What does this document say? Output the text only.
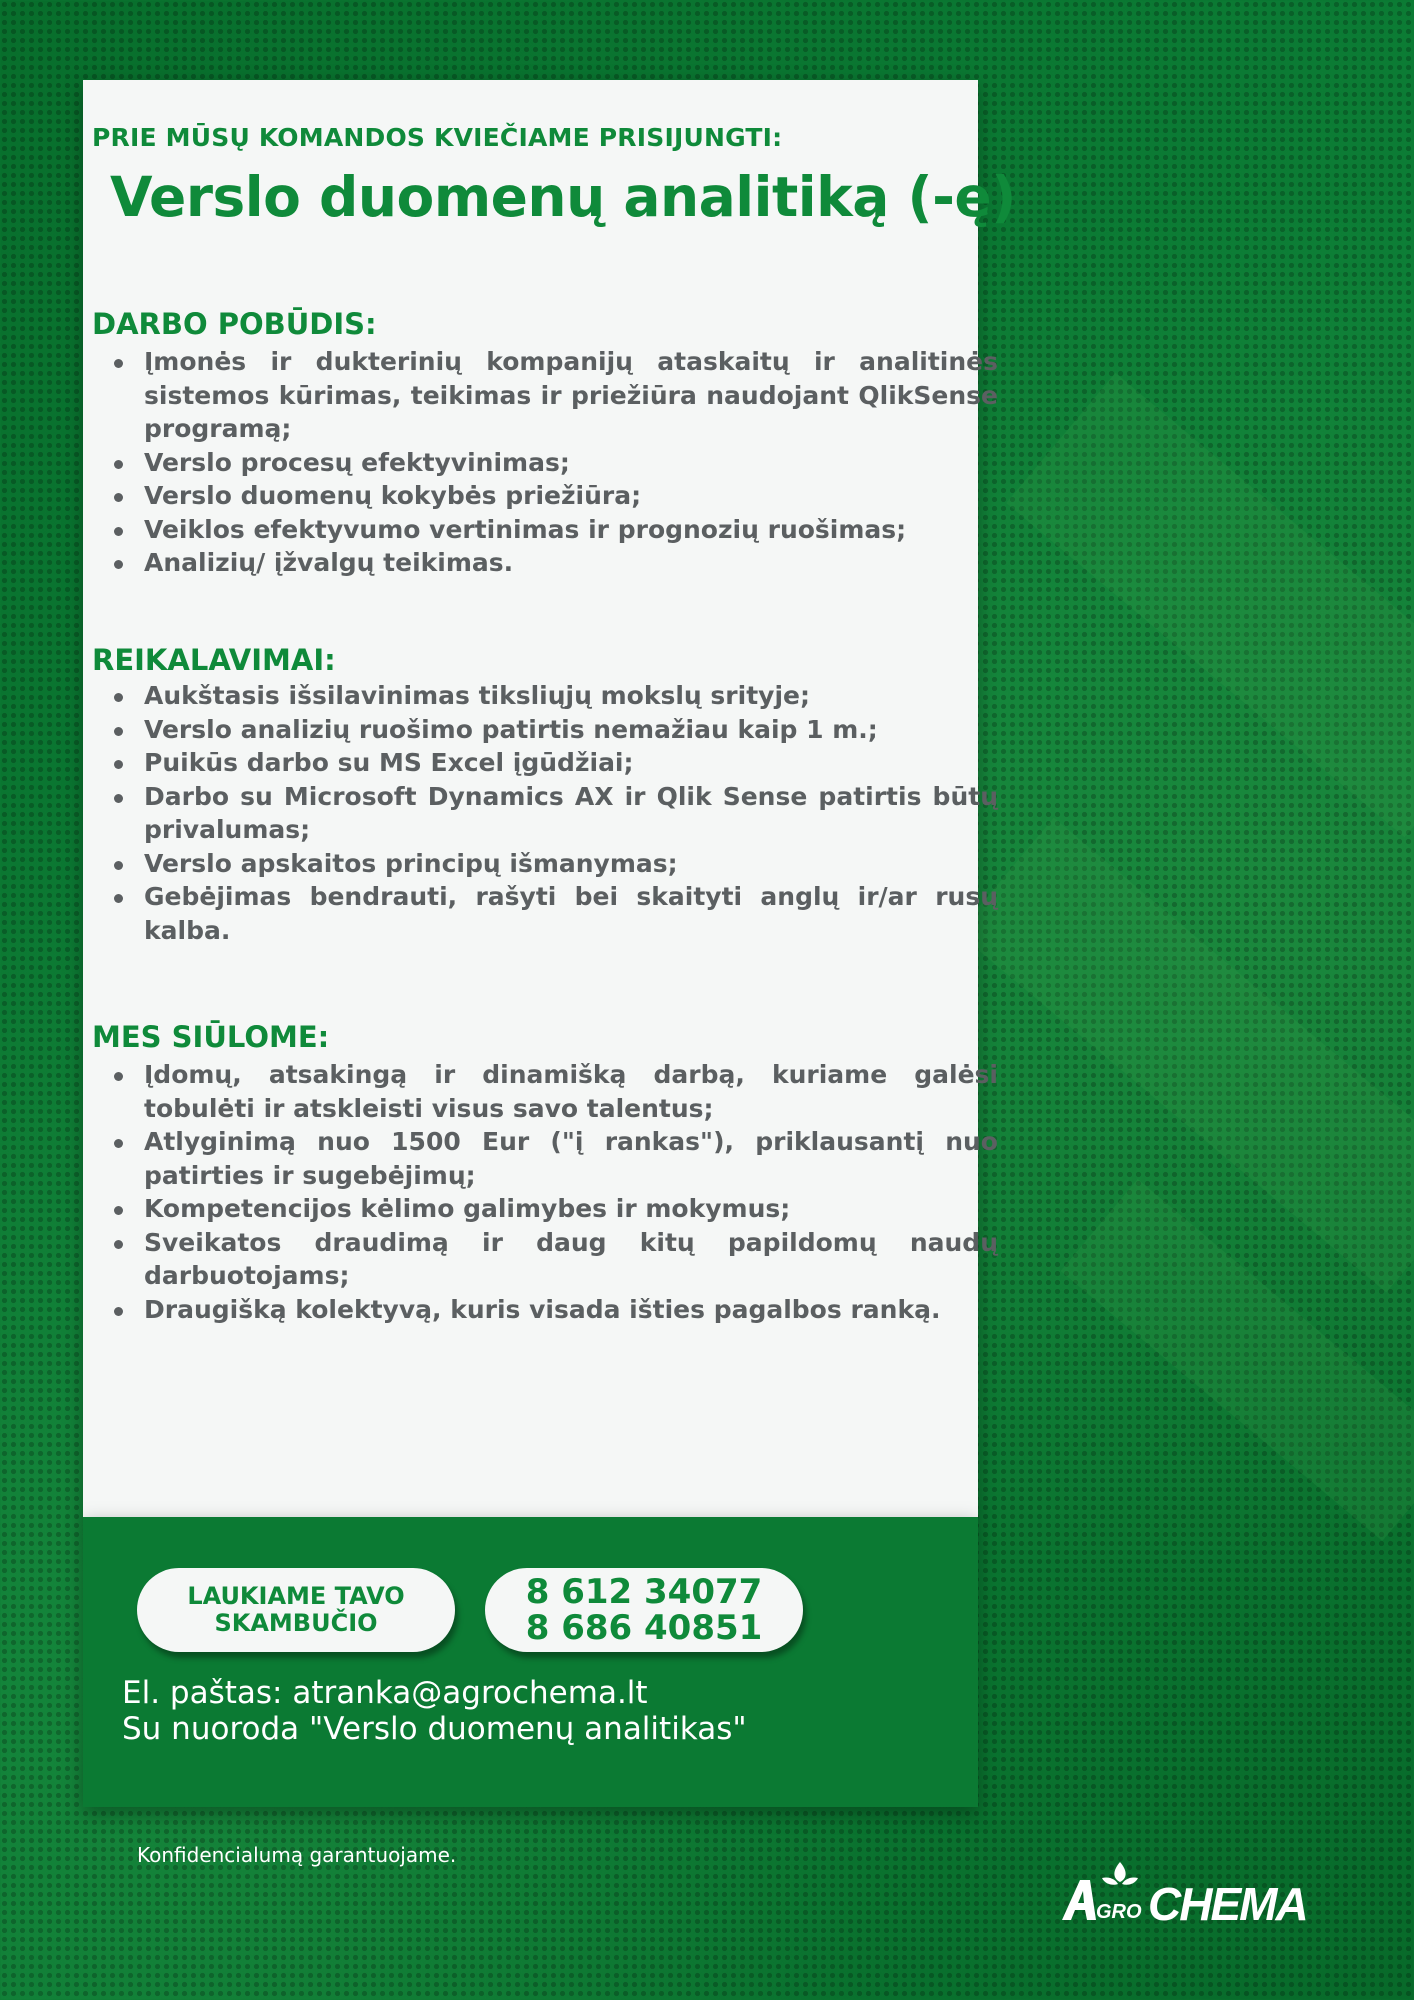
PRIE MŪSŲ KOMANDOS KVIEČIAME PRISIJUNGTI:
Verslo duomenų analitiką (-ę)
DARBO POBŪDIS:
Įmonės ir dukterinių kompanijų ataskaitų ir analitinės sistemos kūrimas, teikimas ir priežiūra naudojant QlikSense programą;
Verslo procesų efektyvinimas;
Verslo duomenų kokybės priežiūra;
Veiklos efektyvumo vertinimas ir prognozių ruošimas;
Analizių/ įžvalgų teikimas.
REIKALAVIMAI:
Aukštasis išsilavinimas tiksliųjų mokslų srityje;
Verslo analizių ruošimo patirtis nemažiau kaip 1 m.;
Puikūs darbo su MS Excel įgūdžiai;
Darbo su Microsoft Dynamics AX ir Qlik Sense patirtis būtų privalumas;
Verslo apskaitos principų išmanymas;
Gebėjimas bendrauti, rašyti bei skaityti anglų ir/ar rusų kalba.
MES SIŪLOME:
Įdomų, atsakingą ir dinamišką darbą, kuriame galėsi tobulėti ir atskleisti visus savo talentus;
Atlyginimą nuo 1500 Eur ("į rankas"), priklausantį nuo patirties ir sugebėjimų;
Kompetencijos kėlimo galimybes ir mokymus;
Sveikatos draudimą ir daug kitų papildomų naudų darbuotojams;
Draugišką kolektyvą, kuris visada išties pagalbos ranką.
LAUKIAME TAVO
SKAMBUČIO
8 612 34077
8 686 40851
El. paštas: atranka@agrochema.lt
Su nuoroda "Verslo duomenų analitikas"
Konfidencialumą garantuojame.
GRO CHEMA
